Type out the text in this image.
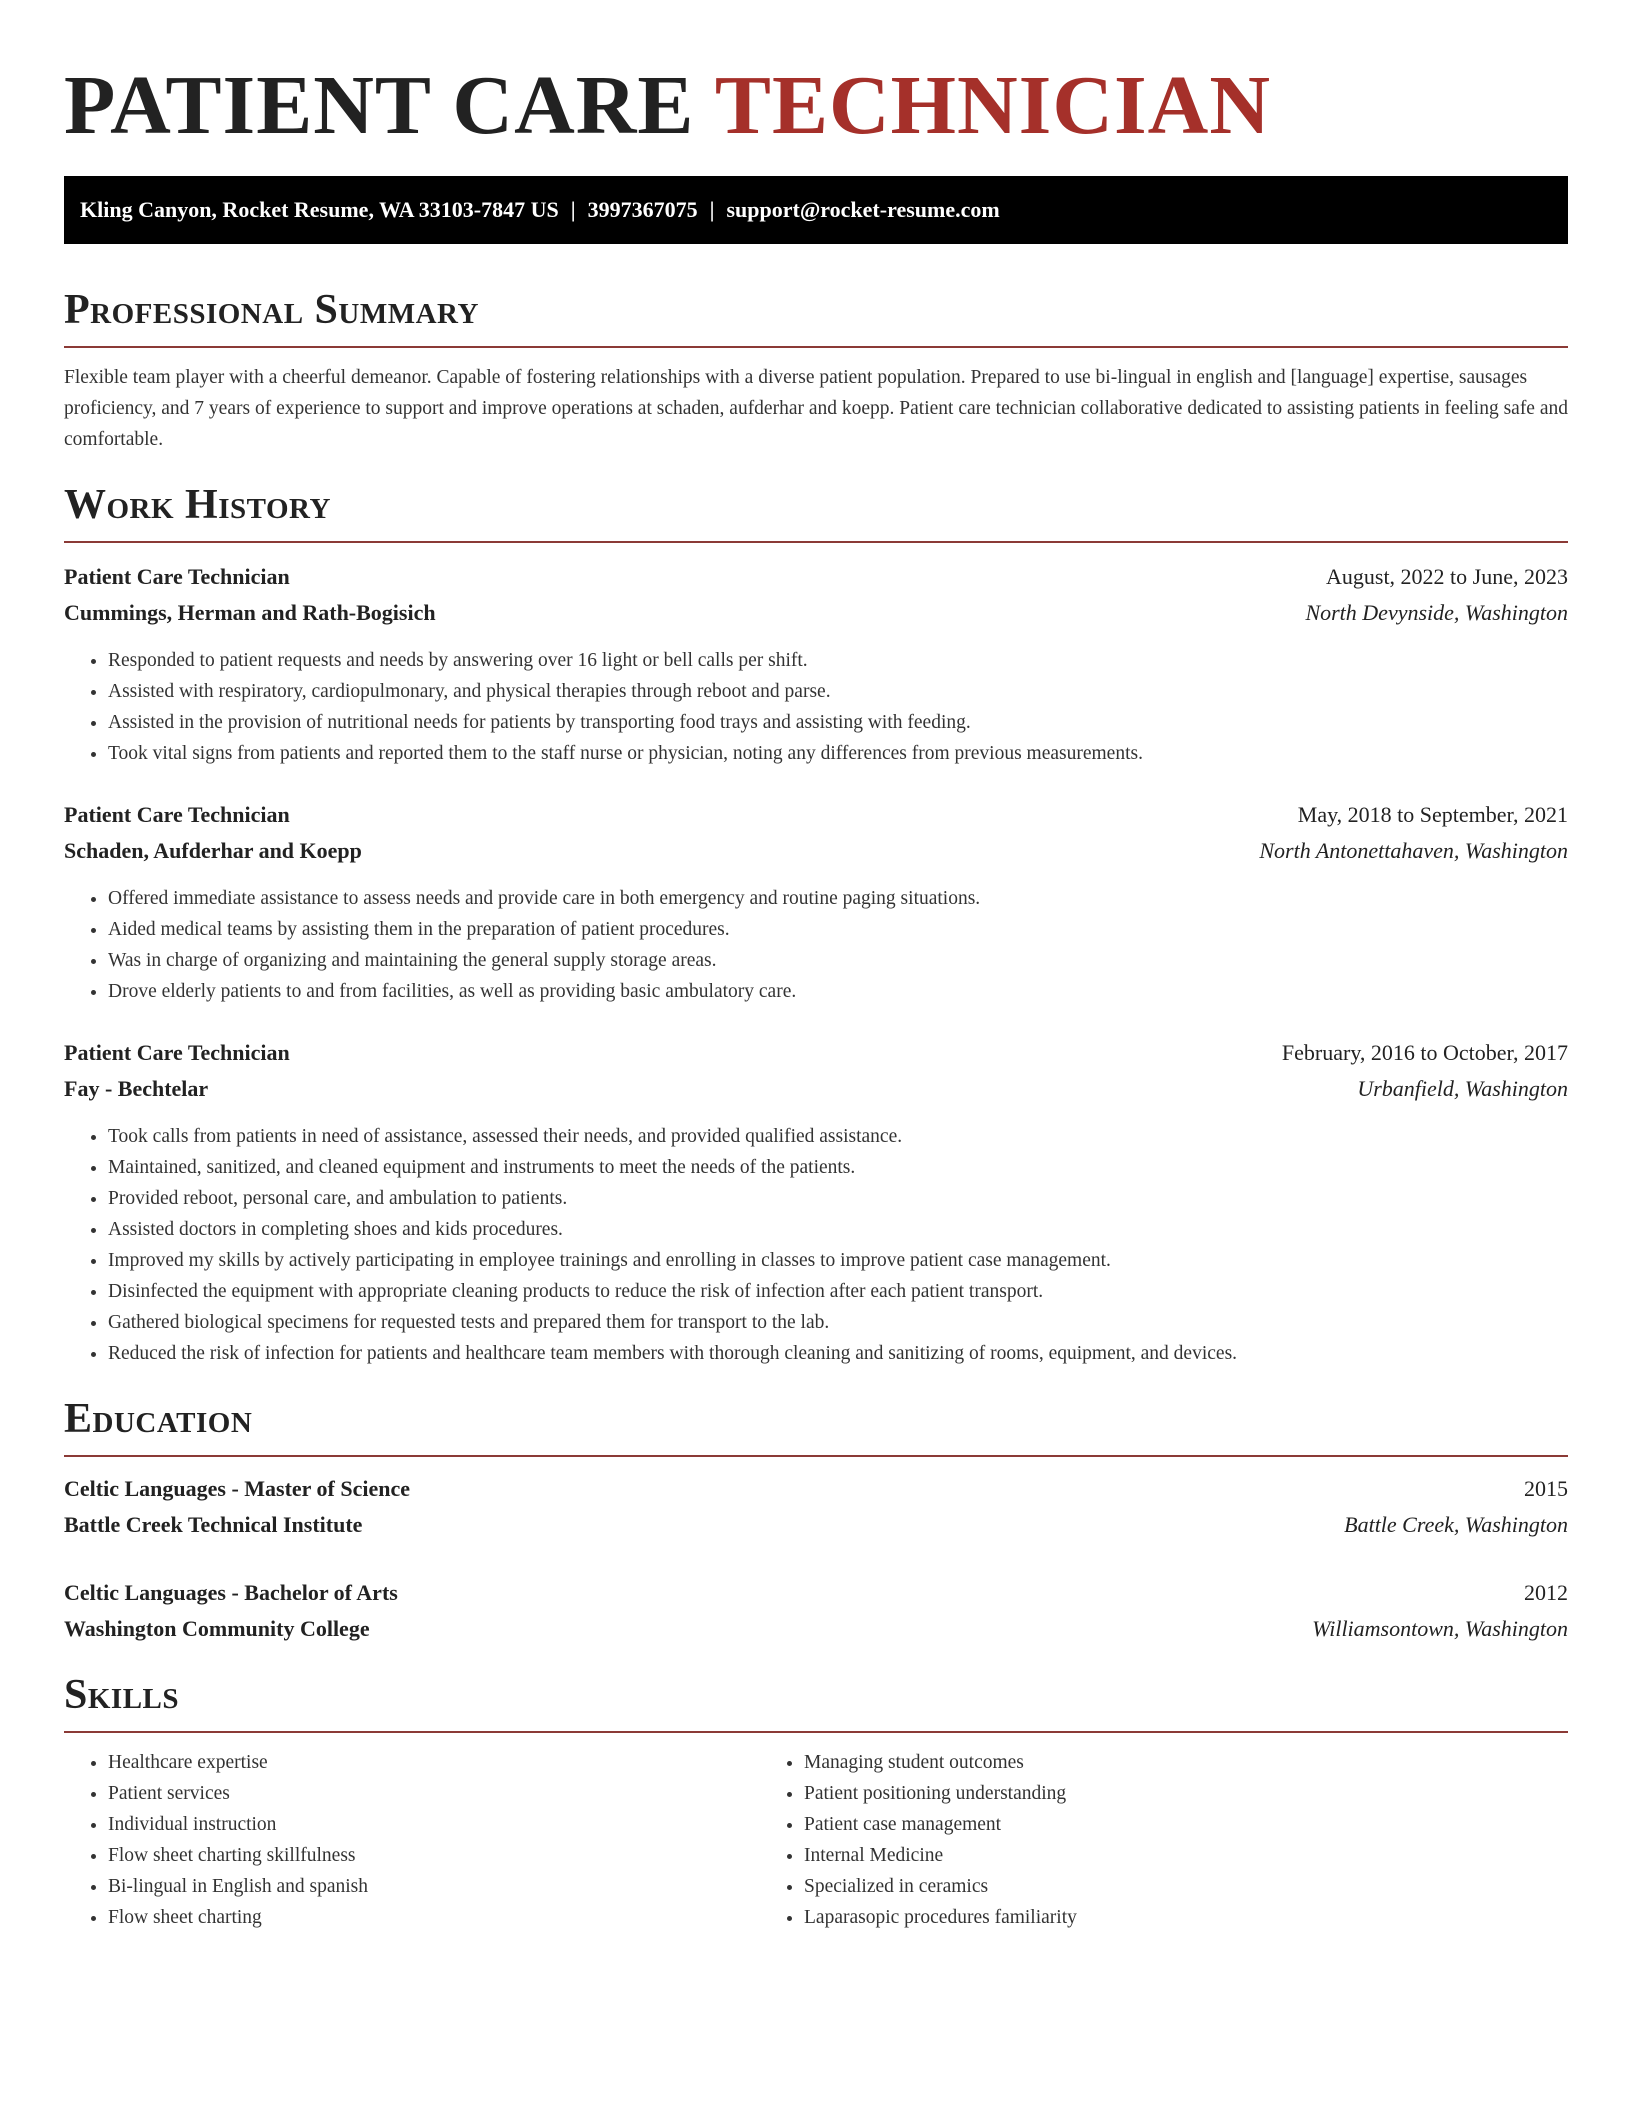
PATIENT CARE TECHNICIAN
Kling Canyon, Rocket Resume, WA 33103-7847 US | 3997367075 | support@rocket-resume.com
Professional Summary
Flexible team player with a cheerful demeanor. Capable of fostering relationships with a diverse patient population. Prepared to use bi-lingual in english and [language] expertise, sausages proficiency, and 7 years of experience to support and improve operations at schaden, aufderhar and koepp. Patient care technician collaborative dedicated to assisting patients in feeling safe and comfortable.
Work History
Patient Care Technician	August, 2022 to June, 2023
Cummings, Herman and Rath-Bogisich	North Devynside, Washington
• Responded to patient requests and needs by answering over 16 light or bell calls per shift.
• Assisted with respiratory, cardiopulmonary, and physical therapies through reboot and parse.
• Assisted in the provision of nutritional needs for patients by transporting food trays and assisting with feeding.
• Took vital signs from patients and reported them to the staff nurse or physician, noting any differences from previous measurements.
Patient Care Technician	May, 2018 to September, 2021
Schaden, Aufderhar and Koepp	North Antonettahaven, Washington
• Offered immediate assistance to assess needs and provide care in both emergency and routine paging situations.
• Aided medical teams by assisting them in the preparation of patient procedures.
• Was in charge of organizing and maintaining the general supply storage areas.
• Drove elderly patients to and from facilities, as well as providing basic ambulatory care.
Patient Care Technician	February, 2016 to October, 2017
Fay - Bechtelar	Urbanfield, Washington
• Took calls from patients in need of assistance, assessed their needs, and provided qualified assistance.
• Maintained, sanitized, and cleaned equipment and instruments to meet the needs of the patients.
• Provided reboot, personal care, and ambulation to patients.
• Assisted doctors in completing shoes and kids procedures.
• Improved my skills by actively participating in employee trainings and enrolling in classes to improve patient case management.
• Disinfected the equipment with appropriate cleaning products to reduce the risk of infection after each patient transport.
• Gathered biological specimens for requested tests and prepared them for transport to the lab.
• Reduced the risk of infection for patients and healthcare team members with thorough cleaning and sanitizing of rooms, equipment, and devices.
Education
Celtic Languages - Master of Science	2015
Battle Creek Technical Institute	Battle Creek, Washington
Celtic Languages - Bachelor of Arts	2012
Washington Community College	Williamsontown, Washington
Skills
• Healthcare expertise
• Patient services
• Individual instruction
• Flow sheet charting skillfulness
• Bi-lingual in English and spanish
• Flow sheet charting
• Managing student outcomes
• Patient positioning understanding
• Patient case management
• Internal Medicine
• Specialized in ceramics
• Laparasopic procedures familiarity
